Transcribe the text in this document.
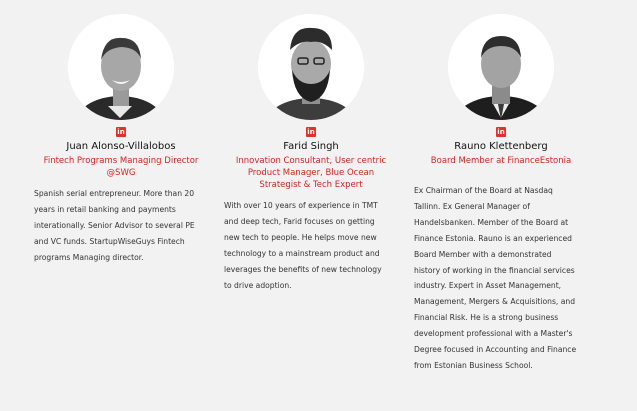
in
Juan Alonso-Villalobos
Fintech Programs Managing Director
@SWG
Spanish serial entrepreneur. More than 20
years in retail banking and payments
interationally. Senior Advisor to several PE
and VC funds. StartupWiseGuys Fintech
programs Managing director.
in
Farid Singh
Innovation Consultant, User centric
Product Manager, Blue Ocean
Strategist & Tech Expert
With over 10 years of experience in TMT
and deep tech, Farid focuses on getting
new tech to people. He helps move new
technology to a mainstream product and
leverages the benefits of new technology
to drive adoption.
in
Rauno Klettenberg
Board Member at FinanceEstonia
Ex Chairman of the Board at Nasdaq
Tallinn. Ex General Manager of
Handelsbanken. Member of the Board at
Finance Estonia. Rauno is an experienced
Board Member with a demonstrated
history of working in the financial services
industry. Expert in Asset Management,
Management, Mergers & Acquisitions, and
Financial Risk. He is a strong business
development professional with a Master's
Degree focused in Accounting and Finance
from Estonian Business School.
